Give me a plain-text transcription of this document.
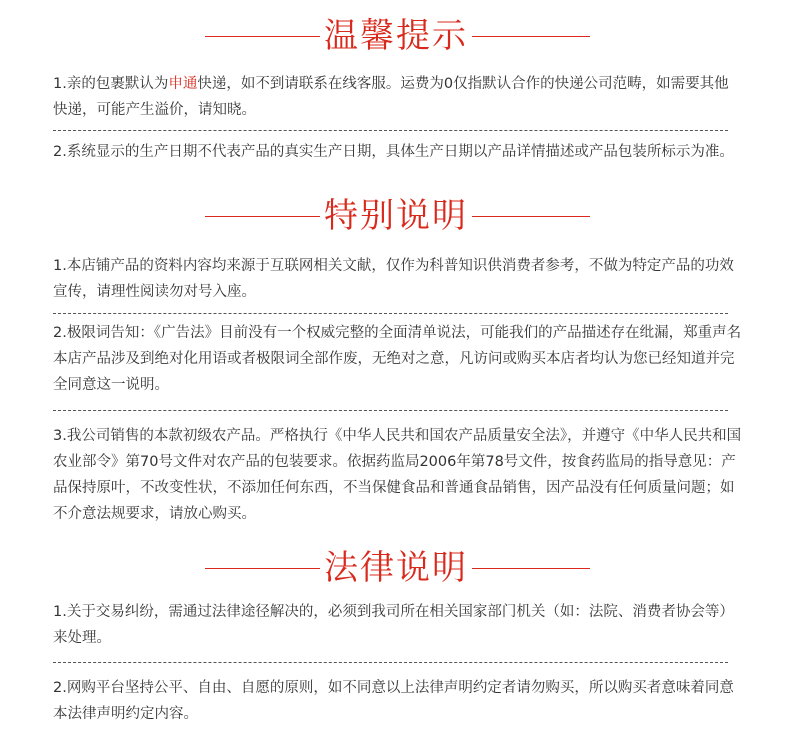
温馨提示
1.亲的包裹默认为申通快递，如不到请联系在线客服。运费为0仅指默认合作的快递公司范畴，如需要其他快递，可能产生溢价，请知晓。
2.系统显示的生产日期不代表产品的真实生产日期，具体生产日期以产品详情描述或产品包装所标示为准。
特别说明
1.本店铺产品的资料内容均来源于互联网相关文献，仅作为科普知识供消费者参考，不做为特定产品的功效宣传，请理性阅读勿对号入座。
2.极限词告知：《广告法》目前没有一个权威完整的全面清单说法，可能我们的产品描述存在纰漏，郑重声名本店产品涉及到绝对化用语或者极限词全部作废，无绝对之意，凡访问或购买本店者均认为您已经知道并完全同意这一说明。
3.我公司销售的本款初级农产品。严格执行《中华人民共和国农产品质量安全法》，并遵守《中华人民共和国农业部令》第70号文件对农产品的包装要求。依据药监局2006年第78号文件，按食药监局的指导意见：产品保持原叶，不改变性状，不添加任何东西，不当保健食品和普通食品销售，因产品没有任何质量问题；如不介意法规要求，请放心购买。
法律说明
1.关于交易纠纷，需通过法律途径解决的，必须到我司所在相关国家部门机关（如：法院、消费者协会等）来处理。
2.网购平台坚持公平、自由、自愿的原则，如不同意以上法律声明约定者请勿购买，所以购买者意味着同意本法律声明约定内容。
